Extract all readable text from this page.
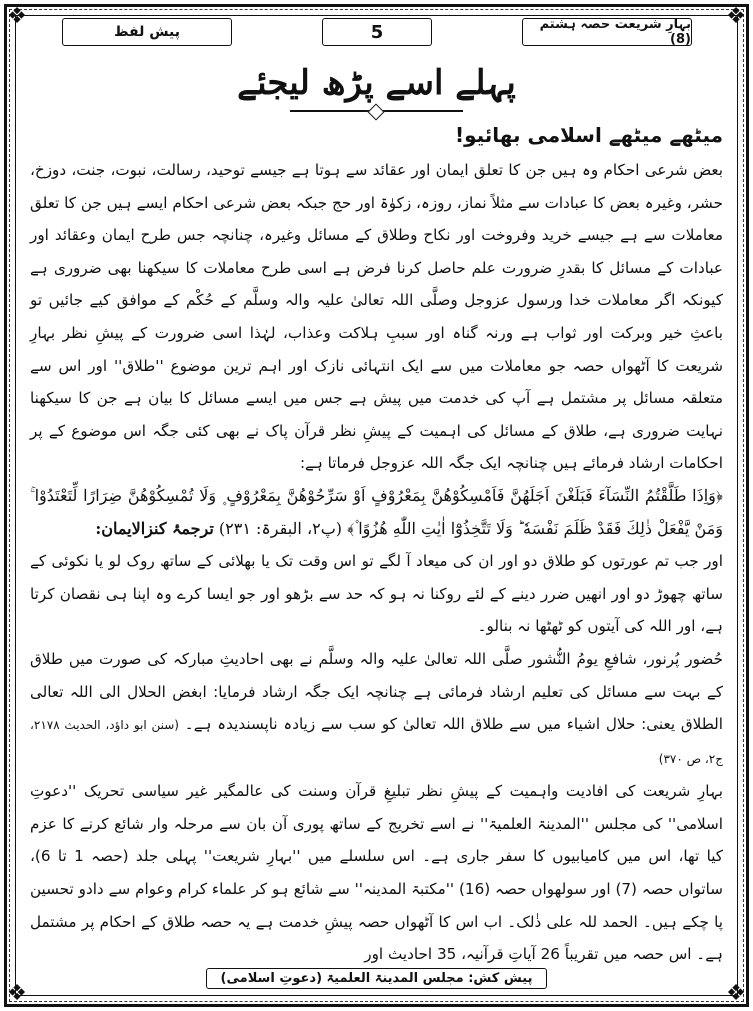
❖	❖
❖	❖
پیش لفظ	5	بہارِ شریعت حصہ ہشتم (8)
پہلے اسے پڑھ لیجئے

میٹھے میٹھے اسلامی بھائیو!

بعض شرعی احکام وہ ہیں جن کا تعلق ایمان اور عقائد سے ہوتا ہے جیسے توحید، رسالت، نبوت، جنت، دوزخ، حشر، وغیرہ بعض کا عبادات سے مثلاً نماز، روزہ، زکوٰۃ اور حج جبکہ بعض شرعی احکام ایسے ہیں جن کا تعلق معاملات سے ہے جیسے خرید وفروخت اور نکاح وطلاق کے مسائل وغیرہ، چنانچہ جس طرح ایمان وعقائد اور عبادات کے مسائل کا بقدرِ ضرورت علم حاصل کرنا فرض ہے اسی طرح معاملات کا سیکھنا بھی ضروری ہے کیونکہ اگر معاملات خدا ورسول عزوجل وصلَّی اللہ تعالیٰ علیہ والہ وسلَّم کے حُکْم کے موافق کیے جائیں تو باعثِ خیر وبرکت اور ثواب ہے ورنہ گناہ اور سببِ ہلاکت وعذاب، لہٰذا اسی ضرورت کے پیشِ نظر بہارِ شریعت کا آٹھواں حصہ جو معاملات میں سے ایک انتہائی نازک اور اہم ترین موضوع ''طلاق'' اور اس سے متعلقہ مسائل پر مشتمل ہے آپ کی خدمت میں پیش ہے جس میں ایسے مسائل کا بیان ہے جن کا سیکھنا نہایت ضروری ہے، طلاق کے مسائل کی اہمیت کے پیشِ نظر قرآن پاک نے بھی کئی جگہ اس موضوع کے پر احکامات ارشاد فرمائے ہیں چنانچہ ایک جگہ اللہ عزوجل فرماتا ہے:

﴿وَاِذَا طَلَّقْتُمُ النِّسَآءَ فَبَلَغْنَ اَجَلَهُنَّ فَاَمْسِكُوْهُنَّ بِمَعْرُوْفٍ اَوْ سَرِّحُوْهُنَّ بِمَعْرُوْفٍ ۪ وَلَا تُمْسِكُوْهُنَّ ضِرَارًا لِّتَعْتَدُوْا ۚ وَمَنْ يَّفْعَلْ ذٰلِكَ فَقَدْ ظَلَمَ نَفْسَهٗ ؕ وَلَا تَتَّخِذُوْٓا اٰيٰتِ اللّٰهِ هُزُوًا ۫﴾ (پ۲، البقرۃ: ۲۳۱) ترجمۂ کنزالایمان:

اور جب تم عورتوں کو طلاق دو اور ان کی میعاد آ لگے تو اس وقت تک یا بھلائی کے ساتھ روک لو یا نکوئی کے ساتھ چھوڑ دو اور انھیں ضرر دینے کے لئے روکنا نہ ہو کہ حد سے بڑھو اور جو ایسا کرے وہ اپنا ہی نقصان کرتا ہے، اور اللہ کی آیتوں کو ٹھٹھا نہ بنالو۔

حُضور پُرنور، شافعِ یومُ النُّشور صلَّی اللہ تعالیٰ علیہ والہ وسلَّم نے بھی احادیثِ مبارکہ کی صورت میں طلاق کے بہت سے مسائل کی تعلیم ارشاد فرمائی ہے چنانچہ ایک جگہ ارشاد فرمایا: ابغض الحلال الی اللہ تعالی الطلاق یعنی: حلال اشیاء میں سے طلاق اللہ تعالیٰ کو سب سے زیادہ ناپسندیدہ ہے۔ (سنن ابو داؤد، الحدیث ۲۱۷۸، ج۲، ص ۳۷۰)

بہارِ شریعت کی افادیت واہمیت کے پیشِ نظر تبلیغِ قرآن وسنت کی عالمگیر غیر سیاسی تحریک ''دعوتِ اسلامی'' کی مجلس ''المدینۃ العلمیۃ'' نے اسے تخریج کے ساتھ پوری آن بان سے مرحلہ وار شائع کرنے کا عزم کیا تھا، اس میں کامیابیوں کا سفر جاری ہے۔ اس سلسلے میں ''بہارِ شریعت'' پہلی جلد (حصہ 1 تا 6)، ساتواں حصہ (7) اور سولھواں حصہ (16) ''مکتبۃ المدینہ'' سے شائع ہو کر علماء کرام وعوام سے دادو تحسین پا چکے ہیں۔ الحمد للہ علی ذٰلک۔ اب اس کا آٹھواں حصہ پیشِ خدمت ہے یہ حصہ طلاق کے احکام پر مشتمل ہے۔ اس حصہ میں تقریباً 26 آیاتِ قرآنیہ، 35 احادیث اور

پیش کش: مجلس المدینۃ العلمیۃ (دعوتِ اسلامی)
